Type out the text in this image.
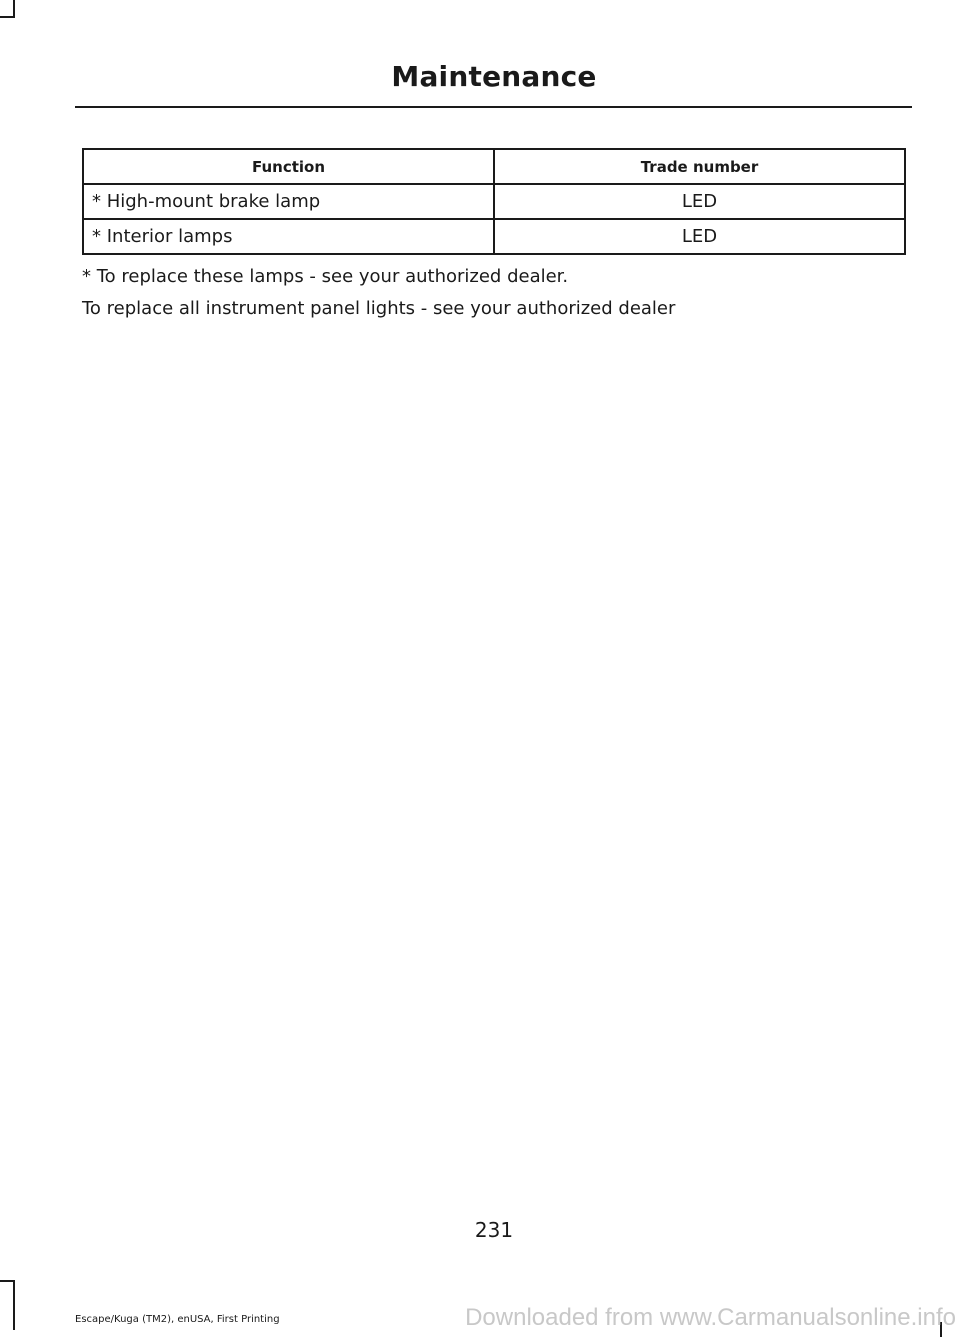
Maintenance
Function	Trade number
* High-mount brake lamp	LED
* Interior lamps	LED
* To replace these lamps - see your authorized dealer.
To replace all instrument panel lights - see your authorized dealer
231
Escape/Kuga (TM2), enUSA, First Printing	Downloaded from www.Carmanualsonline.info
